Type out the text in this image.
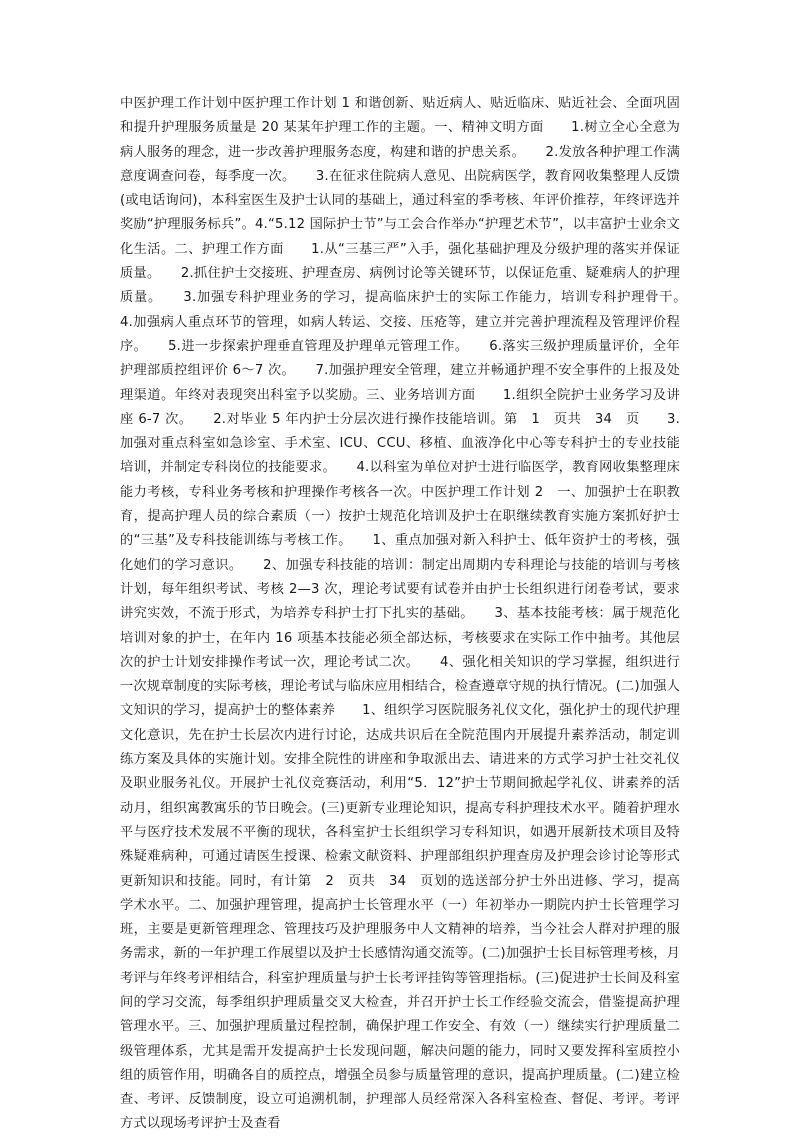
中医护理工作计划中医护理工作计划 1 和谐创新、贴近病人、贴近临床、贴近社会、全面巩固和提升护理服务质量是 20 某某年护理工作的主题。一、精神文明方面　　1.树立全心全意为病人服务的理念，进一步改善护理服务态度，构建和谐的护患关系。　　2.发放各种护理工作满意度调查问卷，每季度一次。　　3.在征求住院病人意见、出院病医学，教育网收集整理人反馈(或电话询问)，本科室医生及护士认同的基础上，通过科室的季考核、年评价推荐，年终评选并奖励“护理服务标兵”。4.“5.12 国际护士节”与工会合作举办“护理艺术节”，以丰富护士业余文化生活。二、护理工作方面　　1.从“三基三严”入手，强化基础护理及分级护理的落实并保证质量。　　2.抓住护士交接班、护理查房、病例讨论等关键环节，以保证危重、疑难病人的护理质量。　　3.加强专科护理业务的学习，提高临床护士的实际工作能力，培训专科护理骨干。　　4.加强病人重点环节的管理，如病人转运、交接、压疮等，建立并完善护理流程及管理评价程序。　　5.进一步探索护理垂直管理及护理单元管理工作。　　6.落实三级护理质量评价，全年护理部质控组评价 6～7 次。　　7.加强护理安全管理，建立并畅通护理不安全事件的上报及处理渠道。年终对表现突出科室予以奖励。三、业务培训方面　　1.组织全院护士业务学习及讲座 6-7 次。　　2.对毕业 5 年内护士分层次进行操作技能培训。第　1　页共　34　页　　3.加强对重点科室如急诊室、手术室、ICU、CCU、移植、血液净化中心等专科护士的专业技能培训，并制定专科岗位的技能要求。　　4.以科室为单位对护士进行临医学，教育网收集整理床能力考核，专科业务考核和护理操作考核各一次。中医护理工作计划 2　一、加强护士在职教育，提高护理人员的综合素质（一）按护士规范化培训及护士在职继续教育实施方案抓好护士的“三基”及专科技能训练与考核工作。　　1、重点加强对新入科护士、低年资护士的考核，强化她们的学习意识。　　2、加强专科技能的培训：制定出周期内专科理论与技能的培训与考核计划，每年组织考试、考核 2—3 次，理论考试要有试卷并由护士长组织进行闭卷考试，要求讲究实效，不流于形式，为培养专科护士打下扎实的基础。　　3、基本技能考核：属于规范化培训对象的护士，在年内 16 项基本技能必须全部达标，考核要求在实际工作中抽考。其他层次的护士计划安排操作考试一次，理论考试二次。　　4、强化相关知识的学习掌握，组织进行一次规章制度的实际考核，理论考试与临床应用相结合，检查遵章守规的执行情况。(二)加强人文知识的学习，提高护士的整体素养　　1、组织学习医院服务礼仪文化，强化护士的现代护理文化意识，先在护士长层次内进行讨论，达成共识后在全院范围内开展提升素养活动，制定训练方案及具体的实施计划。安排全院性的讲座和争取派出去、请进来的方式学习护士社交礼仪及职业服务礼仪。开展护士礼仪竞赛活动，利用“5．12”护士节期间掀起学礼仪、讲素养的活动月，组织寓教寓乐的节日晚会。(三)更新专业理论知识，提高专科护理技术水平。随着护理水平与医疗技术发展不平衡的现状，各科室护士长组织学习专科知识，如遇开展新技术项目及特殊疑难病种，可通过请医生授课、检索文献资料、护理部组织护理查房及护理会诊讨论等形式更新知识和技能。同时，有计第　2　页共　34　页划的选送部分护士外出进修、学习，提高学术水平。二、加强护理管理，提高护士长管理水平（一）年初举办一期院内护士长管理学习班，主要是更新管理理念、管理技巧及护理服务中人文精神的培养，当今社会人群对护理的服务需求，新的一年护理工作展望以及护士长感情沟通交流等。(二)加强护士长目标管理考核，月考评与年终考评相结合，科室护理质量与护士长考评挂钩等管理指标。(三)促进护士长间及科室间的学习交流，每季组织护理质量交叉大检查，并召开护士长工作经验交流会，借鉴提高护理管理水平。三、加强护理质量过程控制，确保护理工作安全、有效（一）继续实行护理质量二级管理体系，尤其是需开发提高护士长发现问题，解决问题的能力，同时又要发挥科室质控小组的质管作用，明确各自的质控点，增强全员参与质量管理的意识，提高护理质量。(二)建立检查、考评、反馈制度，设立可追溯机制，护理部人员经常深入各科室检查、督促、考评。考评方式以现场考评护士及查看
